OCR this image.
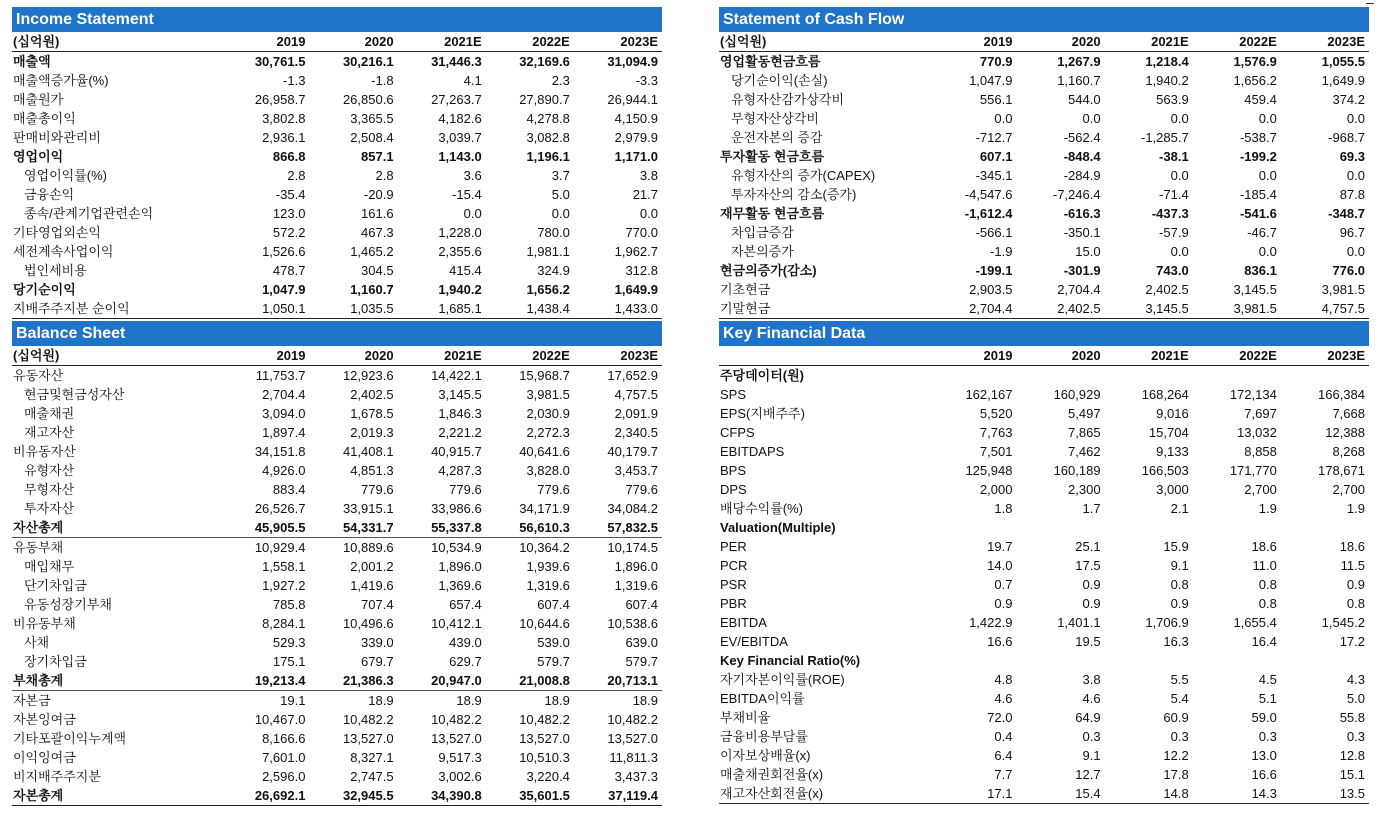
Income Statement
(십억원)	2019	2020	2021E	2022E	2023E
매출액	30,761.5	30,216.1	31,446.3	32,169.6	31,094.9
매출액증가율(%)	-1.3	-1.8	4.1	2.3	-3.3
매출원가	26,958.7	26,850.6	27,263.7	27,890.7	26,944.1
매출총이익	3,802.8	3,365.5	4,182.6	4,278.8	4,150.9
판매비와관리비	2,936.1	2,508.4	3,039.7	3,082.8	2,979.9
영업이익	866.8	857.1	1,143.0	1,196.1	1,171.0
영업이익률(%)	2.8	2.8	3.6	3.7	3.8
금융손익	-35.4	-20.9	-15.4	5.0	21.7
종속/관계기업관련손익	123.0	161.6	0.0	0.0	0.0
기타영업외손익	572.2	467.3	1,228.0	780.0	770.0
세전계속사업이익	1,526.6	1,465.2	2,355.6	1,981.1	1,962.7
법인세비용	478.7	304.5	415.4	324.9	312.8
당기순이익	1,047.9	1,160.7	1,940.2	1,656.2	1,649.9
지배주주지분 순이익	1,050.1	1,035.5	1,685.1	1,438.4	1,433.0
Statement of Cash Flow
(십억원)	2019	2020	2021E	2022E	2023E
영업활동현금흐름	770.9	1,267.9	1,218.4	1,576.9	1,055.5
당기순이익(손실)	1,047.9	1,160.7	1,940.2	1,656.2	1,649.9
유형자산감가상각비	556.1	544.0	563.9	459.4	374.2
무형자산상각비	0.0	0.0	0.0	0.0	0.0
운전자본의 증감	-712.7	-562.4	-1,285.7	-538.7	-968.7
투자활동 현금흐름	607.1	-848.4	-38.1	-199.2	69.3
유형자산의 증가(CAPEX)	-345.1	-284.9	0.0	0.0	0.0
투자자산의 감소(증가)	-4,547.6	-7,246.4	-71.4	-185.4	87.8
재무활동 현금흐름	-1,612.4	-616.3	-437.3	-541.6	-348.7
차입금증감	-566.1	-350.1	-57.9	-46.7	96.7
자본의증가	-1.9	15.0	0.0	0.0	0.0
현금의증가(감소)	-199.1	-301.9	743.0	836.1	776.0
기초현금	2,903.5	2,704.4	2,402.5	3,145.5	3,981.5
기말현금	2,704.4	2,402.5	3,145.5	3,981.5	4,757.5
Balance Sheet
(십억원)	2019	2020	2021E	2022E	2023E
유동자산	11,753.7	12,923.6	14,422.1	15,968.7	17,652.9
현금및현금성자산	2,704.4	2,402.5	3,145.5	3,981.5	4,757.5
매출채권	3,094.0	1,678.5	1,846.3	2,030.9	2,091.9
재고자산	1,897.4	2,019.3	2,221.2	2,272.3	2,340.5
비유동자산	34,151.8	41,408.1	40,915.7	40,641.6	40,179.7
유형자산	4,926.0	4,851.3	4,287.3	3,828.0	3,453.7
무형자산	883.4	779.6	779.6	779.6	779.6
투자자산	26,526.7	33,915.1	33,986.6	34,171.9	34,084.2
자산총계	45,905.5	54,331.7	55,337.8	56,610.3	57,832.5
유동부채	10,929.4	10,889.6	10,534.9	10,364.2	10,174.5
매입채무	1,558.1	2,001.2	1,896.0	1,939.6	1,896.0
단기차입금	1,927.2	1,419.6	1,369.6	1,319.6	1,319.6
유동성장기부채	785.8	707.4	657.4	607.4	607.4
비유동부채	8,284.1	10,496.6	10,412.1	10,644.6	10,538.6
사채	529.3	339.0	439.0	539.0	639.0
장기차입금	175.1	679.7	629.7	579.7	579.7
부채총계	19,213.4	21,386.3	20,947.0	21,008.8	20,713.1
자본금	19.1	18.9	18.9	18.9	18.9
자본잉여금	10,467.0	10,482.2	10,482.2	10,482.2	10,482.2
기타포괄이익누계액	8,166.6	13,527.0	13,527.0	13,527.0	13,527.0
이익잉여금	7,601.0	8,327.1	9,517.3	10,510.3	11,811.3
비지배주주지분	2,596.0	2,747.5	3,002.6	3,220.4	3,437.3
자본총계	26,692.1	32,945.5	34,390.8	35,601.5	37,119.4
Key Financial Data
	2019	2020	2021E	2022E	2023E
주당데이터(원)					
SPS	162,167	160,929	168,264	172,134	166,384
EPS(지배주주)	5,520	5,497	9,016	7,697	7,668
CFPS	7,763	7,865	15,704	13,032	12,388
EBITDAPS	7,501	7,462	9,133	8,858	8,268
BPS	125,948	160,189	166,503	171,770	178,671
DPS	2,000	2,300	3,000	2,700	2,700
배당수익률(%)	1.8	1.7	2.1	1.9	1.9
Valuation(Multiple)					
PER	19.7	25.1	15.9	18.6	18.6
PCR	14.0	17.5	9.1	11.0	11.5
PSR	0.7	0.9	0.8	0.8	0.9
PBR	0.9	0.9	0.9	0.8	0.8
EBITDA	1,422.9	1,401.1	1,706.9	1,655.4	1,545.2
EV/EBITDA	16.6	19.5	16.3	16.4	17.2
Key Financial Ratio(%)					
자기자본이익률(ROE)	4.8	3.8	5.5	4.5	4.3
EBITDA이익률	4.6	4.6	5.4	5.1	5.0
부채비율	72.0	64.9	60.9	59.0	55.8
금융비용부담률	0.4	0.3	0.3	0.3	0.3
이자보상배율(x)	6.4	9.1	12.2	13.0	12.8
매출채권회전율(x)	7.7	12.7	17.8	16.6	15.1
재고자산회전율(x)	17.1	15.4	14.8	14.3	13.5
